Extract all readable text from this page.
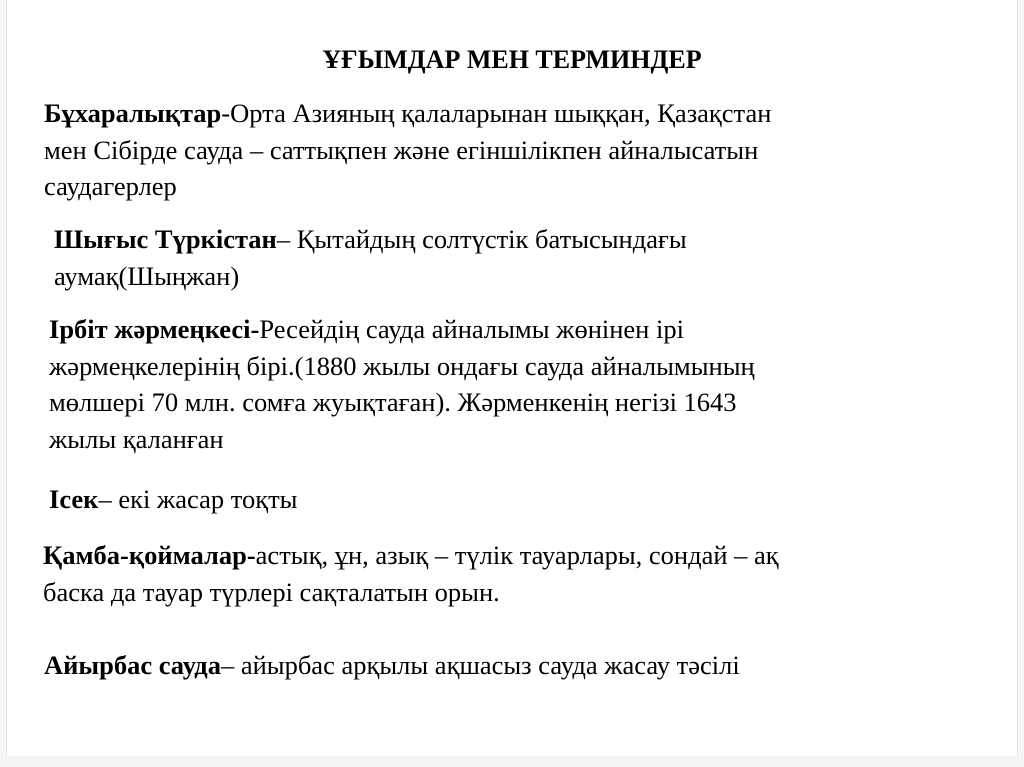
ҰҒЫМДАР МЕН ТЕРМИНДЕР
Бұхаралықтар-Орта Азияның қалаларынан шыққан, Қазақстан
мен Сібірде сауда – саттықпен және егіншілікпен айналысатын
саудагерлер
Шығыс Түркістан– Қытайдың солтүстік батысындағы
аумақ(Шыңжан)
Ірбіт жәрмеңкесі-Ресейдің сауда айналымы жөнінен ірі
жәрмеңкелерінің бірі.(1880 жылы ондағы сауда айналымының
мөлшері 70 млн. сомға жуықтаған). Жәрменкенің негізі 1643
жылы қаланған
Ісек– екі жасар тоқты
Қамба-қоймалар-астық, ұн, азық – түлік тауарлары, сондай – ақ
баска да тауар түрлері сақталатын орын.
Айырбас сауда– айырбас арқылы ақшасыз сауда жасау тәсілі
